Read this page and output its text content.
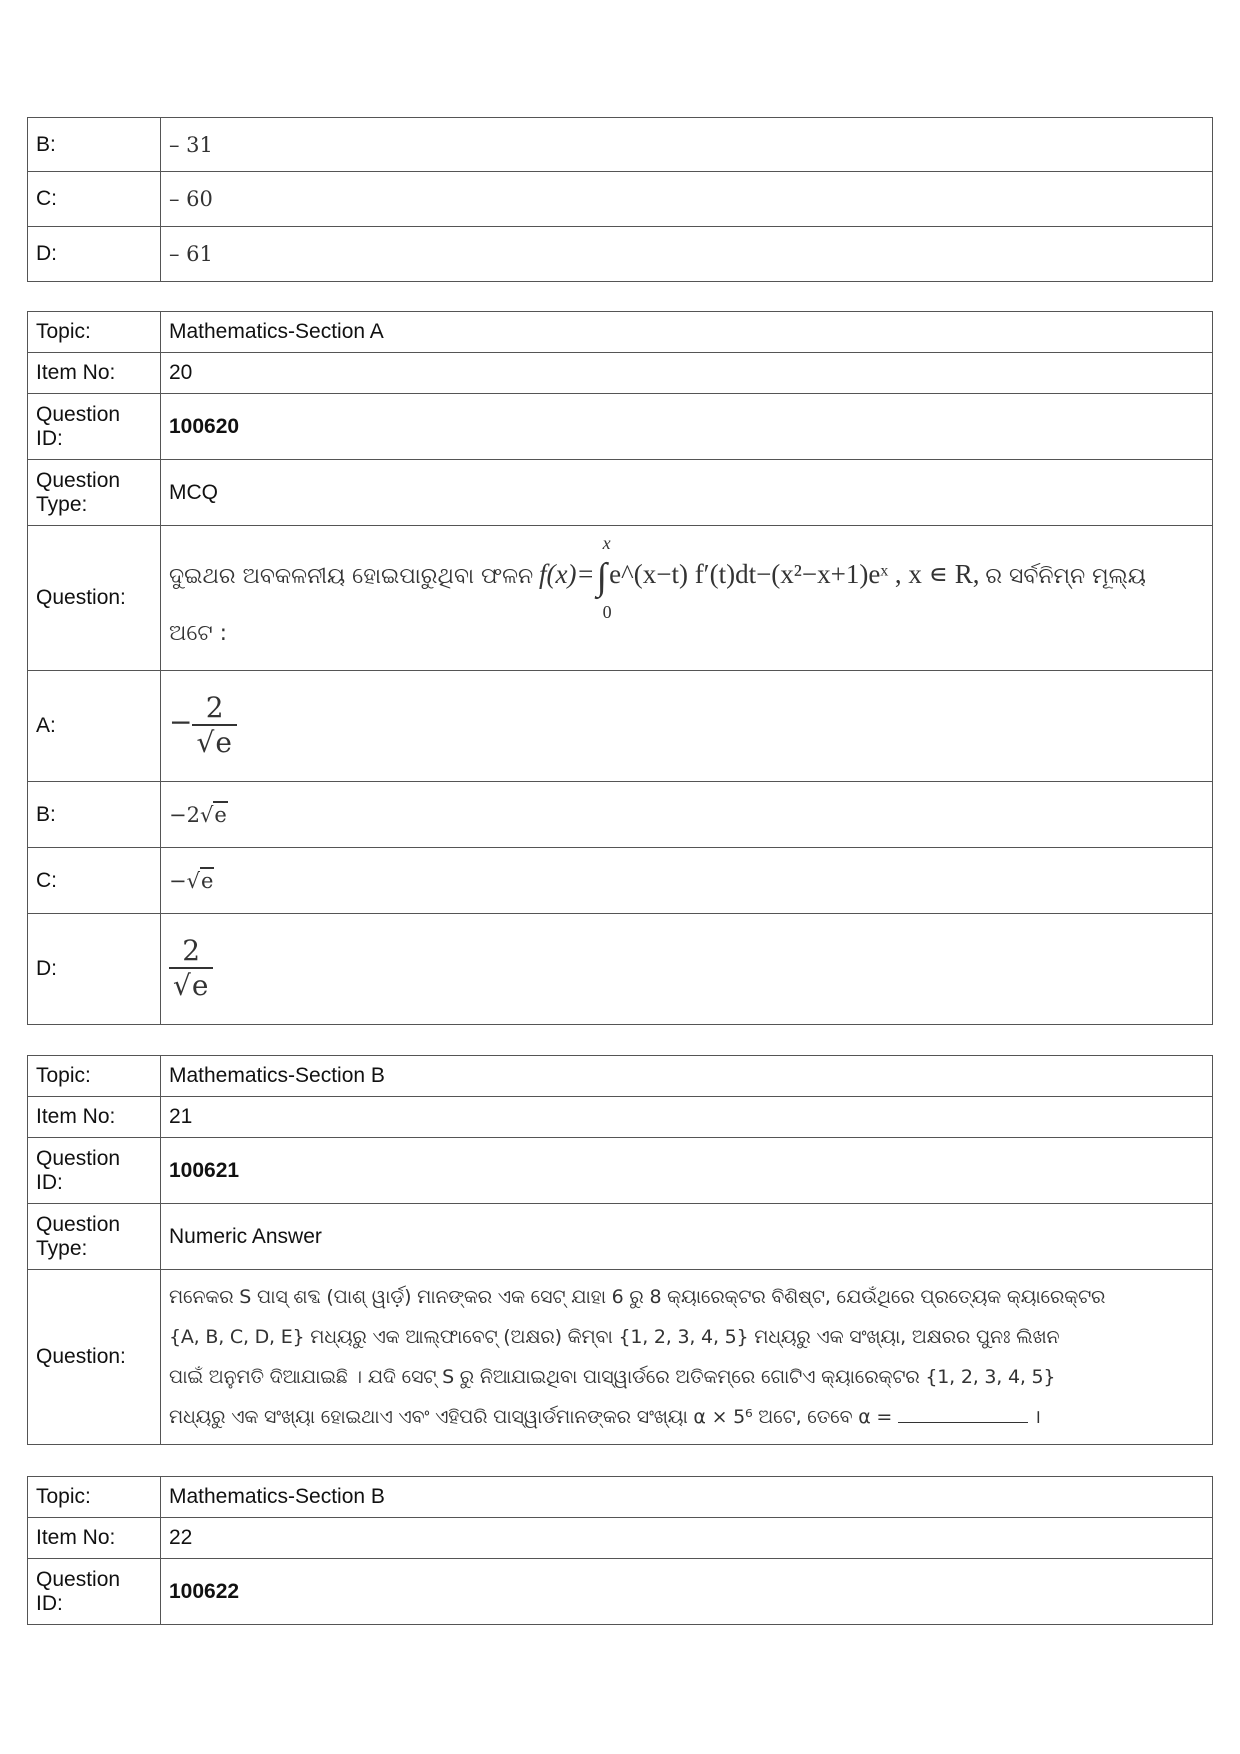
B:	– 31
C:	– 60
D:	– 61
Topic:	Mathematics-Section A
Item No:	20
Question ID:	100620
Question Type:	MCQ
Question:	ଦୁଇଥର ଅବକଳନୀୟ ହୋଇପାରୁଥିବା ଫଳନ f(x)=∫
x
0
e^(x−t) f′(t)dt−(x²−x+1)eˣ , x ∊ R, ର ସର୍ବନିମ୍ନ ମୂଲ୍ୟ
ଅଟେ :

A:	− $\frac{2}{√e}$

B:	−2√e
C:	−√e
D:	$\frac{2}{√e}$
Topic:	Mathematics-Section B
Item No:	21
Question ID:	100621
Question Type:	Numeric Answer
Question:	ମନେକର S ପାସ୍ ଶବ୍ଦ (ପାଶ୍ ୱାର୍ଡ଼) ମାନଙ୍କର ଏକ ସେଟ୍ ଯାହା 6 ରୁ 8 କ୍ୟାରେକ୍ଟର ବିଶିଷ୍ଟ, ଯେଉଁଥିରେ ପ୍ରତ୍ୟେକ କ୍ୟାରେକ୍ଟର
{A, B, C, D, E} ମଧ୍ୟରୁ ଏକ ଆଲ୍‌ଫାବେଟ୍ (ଅକ୍ଷର) କିମ୍ବା {1, 2, 3, 4, 5} ମଧ୍ୟରୁ ଏକ ସଂଖ୍ୟା, ଅକ୍ଷରର ପୁନଃ ଲିଖନ
ପାଇଁ ଅନୁମତି ଦିଆଯାଇଛି । ଯଦି ସେଟ୍ S ରୁ ନିଆଯାଇଥିବା ପାସ୍‌ୱାର୍ଡରେ ଅତିକମ୍‌ରେ ଗୋଟିଏ କ୍ୟାରେକ୍ଟର {1, 2, 3, 4, 5}
ମଧ୍ୟରୁ ଏକ ସଂଖ୍ୟା ହୋଇଥାଏ ଏବଂ ଏହିପରି ପାସ୍‌ୱାର୍ଡମାନଙ୍କର ସଂଖ୍ୟା α × 5⁶ ଅଟେ, ତେବେ α = ।
Topic:	Mathematics-Section B
Item No:	22
Question ID:	100622
